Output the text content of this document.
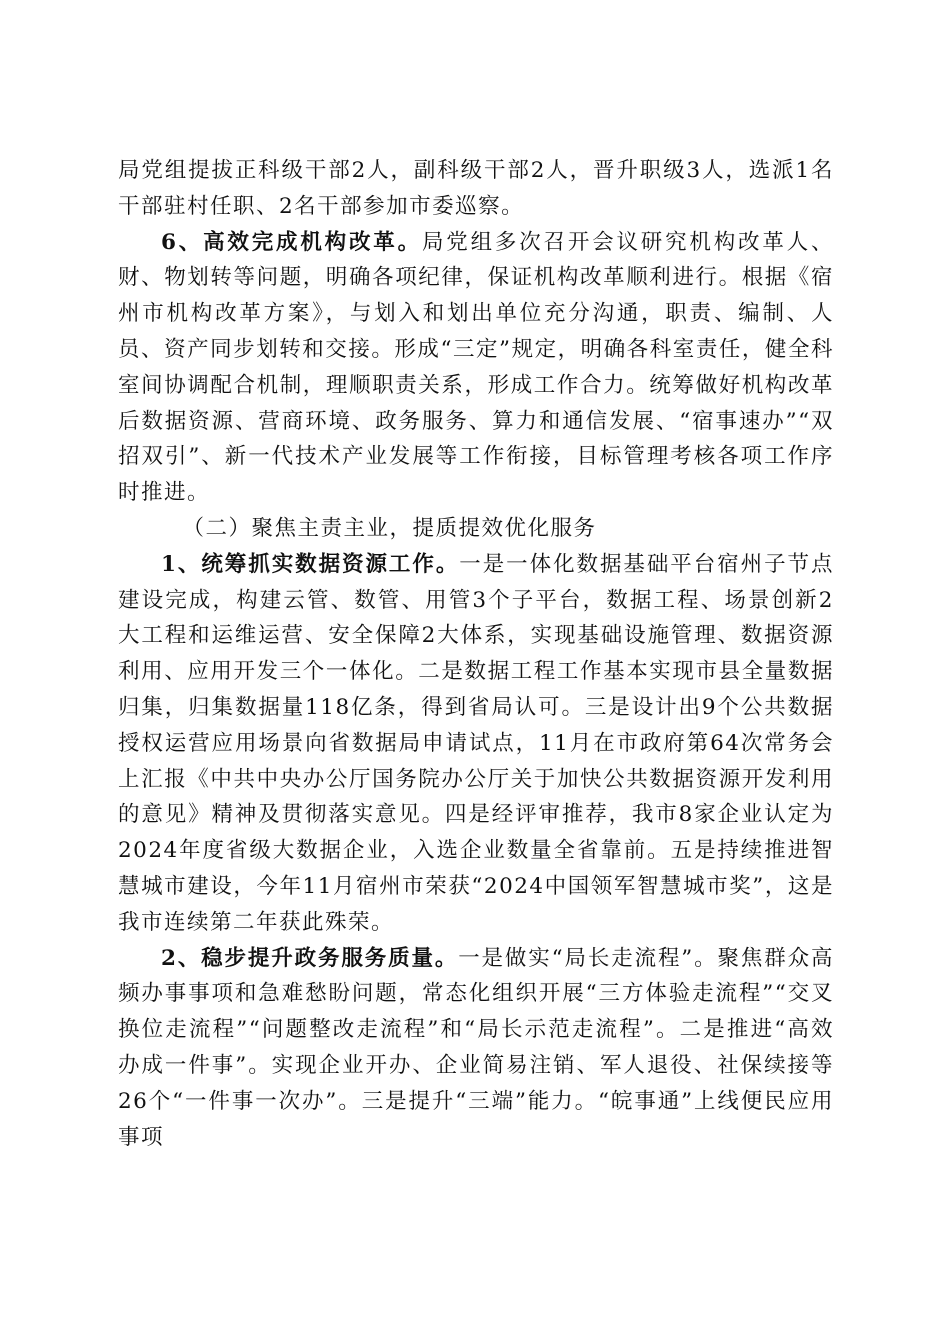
局党组提拔正科级干部2人，副科级干部2人，晋升职级3人，选派1名干部驻村任职、2名干部参加市委巡察。

6、高效完成机构改革。局党组多次召开会议研究机构改革人、财、物划转等问题，明确各项纪律，保证机构改革顺利进行。根据《宿州市机构改革方案》，与划入和划出单位充分沟通，职责、编制、人员、资产同步划转和交接。形成“三定”规定，明确各科室责任，健全科室间协调配合机制，理顺职责关系，形成工作合力。统筹做好机构改革后数据资源、营商环境、政务服务、算力和通信发展、“宿事速办”“双招双引”、新一代技术产业发展等工作衔接，目标管理考核各项工作序时推进。

（二）聚焦主责主业，提质提效优化服务

1、统筹抓实数据资源工作。一是一体化数据基础平台宿州子节点建设完成，构建云管、数管、用管3个子平台，数据工程、场景创新2大工程和运维运营、安全保障2大体系，实现基础设施管理、数据资源利用、应用开发三个一体化。二是数据工程工作基本实现市县全量数据归集，归集数据量118亿条，得到省局认可。三是设计出9个公共数据授权运营应用场景向省数据局申请试点，11月在市政府第64次常务会上汇报《中共中央办公厅国务院办公厅关于加快公共数据资源开发利用的意见》精神及贯彻落实意见。四是经评审推荐，我市8家企业认定为2024年度省级大数据企业，入选企业数量全省靠前。五是持续推进智慧城市建设，今年11月宿州市荣获“2024中国领军智慧城市奖”，这是我市连续第二年获此殊荣。

2、稳步提升政务服务质量。一是做实“局长走流程”。聚焦群众高频办事事项和急难愁盼问题，常态化组织开展“三方体验走流程”“交叉换位走流程”“问题整改走流程”和“局长示范走流程”。二是推进“高效办成一件事”。实现企业开办、企业简易注销、军人退役、社保续接等26个“一件事一次办”。三是提升“三端”能力。“皖事通”上线便民应用事项
